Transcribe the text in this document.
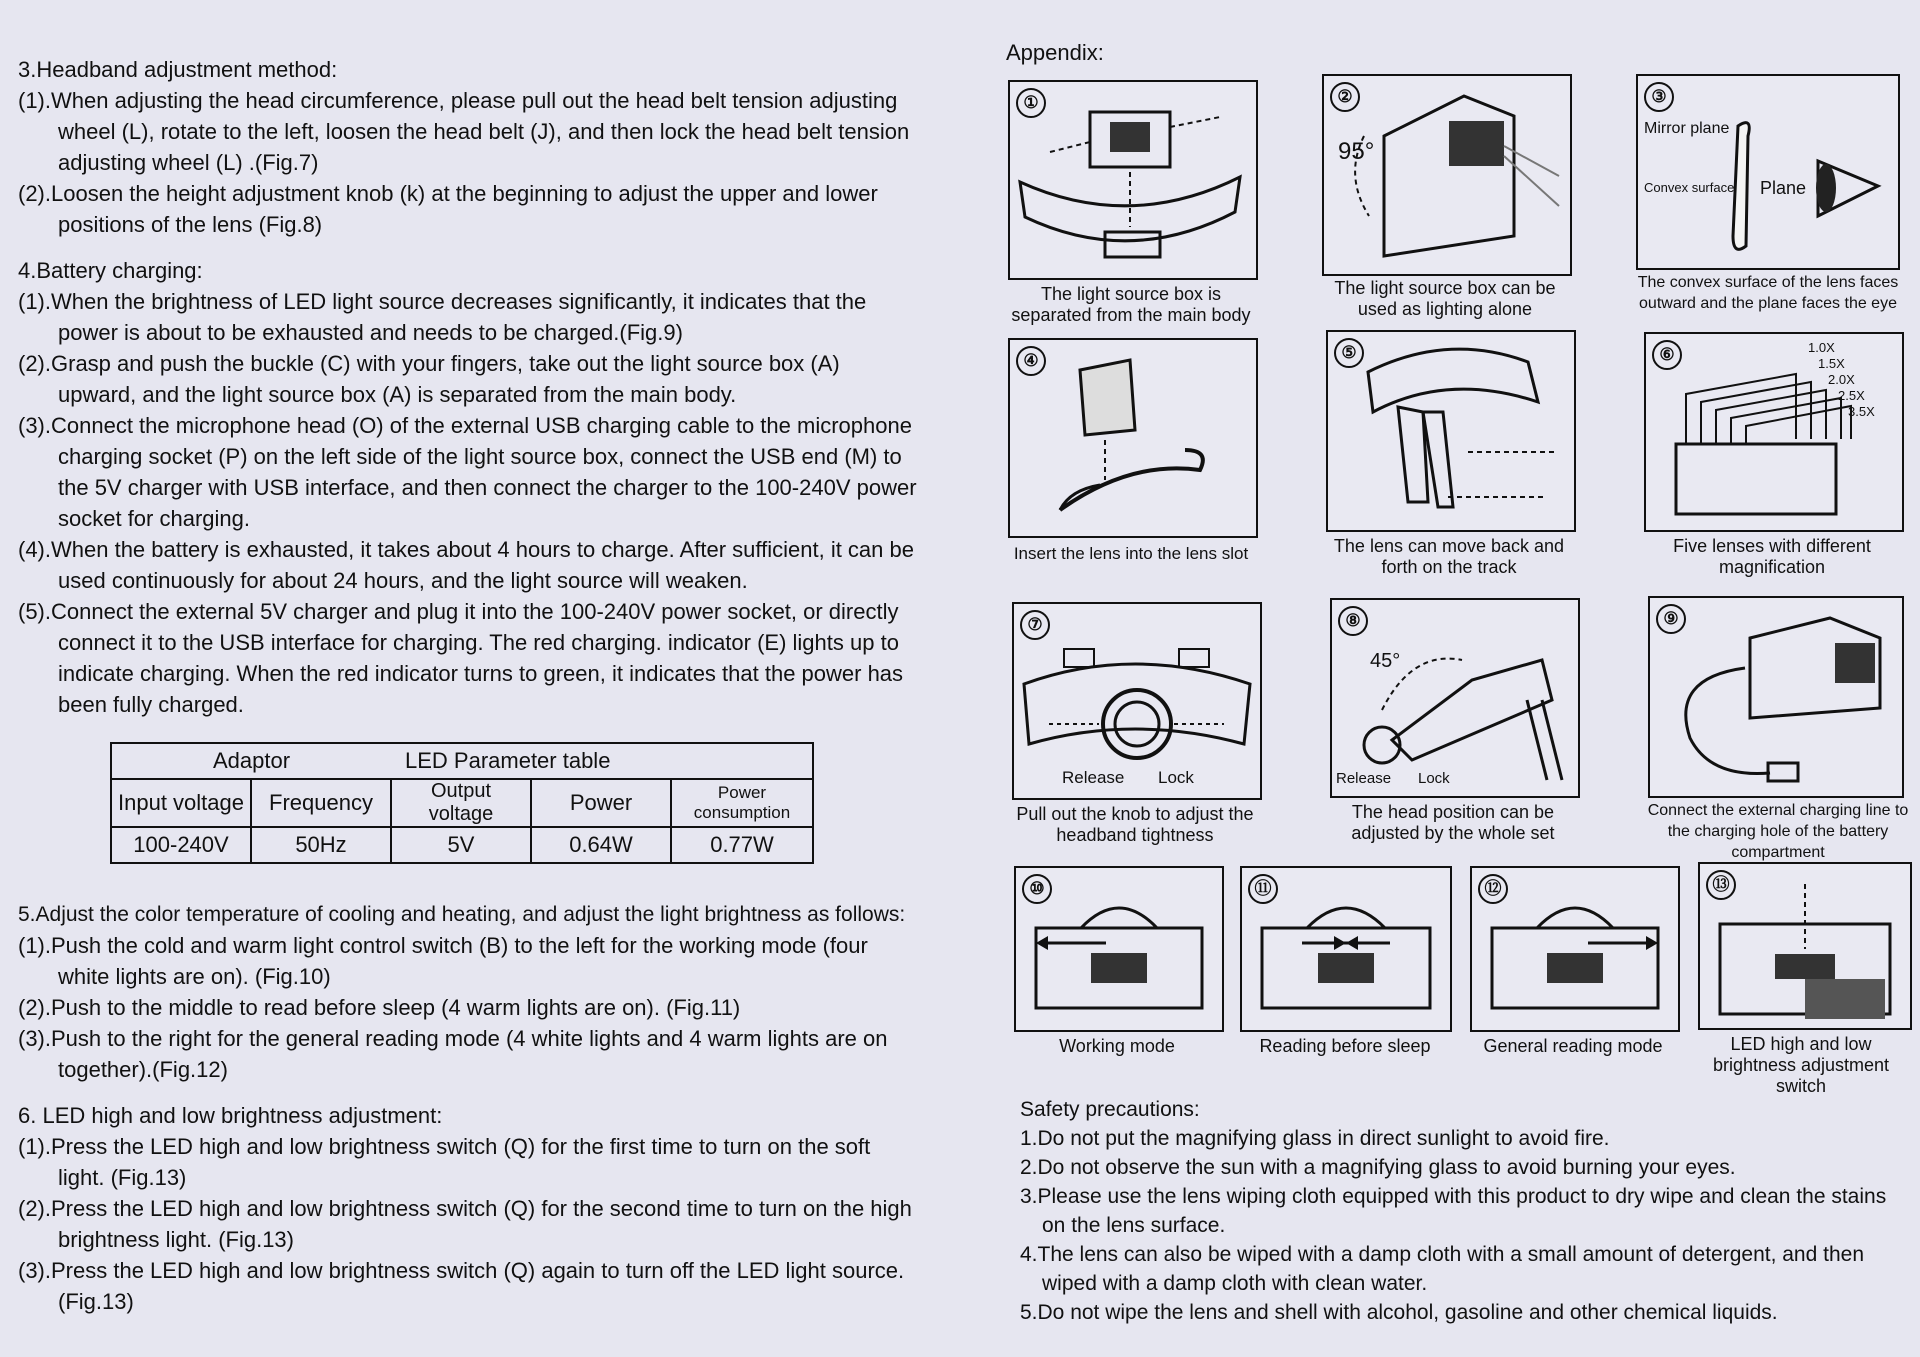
3.Headband adjustment method:

(1).When adjusting the head circumference, please pull out the head belt tension adjusting wheel (L), rotate to the left, loosen the head belt (J), and then lock the head belt tension adjusting wheel (L) .(Fig.7)

(2).Loosen the height adjustment knob (k) at the beginning to adjust the upper and lower positions of the lens (Fig.8)

4.Battery charging:

(1).When the brightness of LED light source decreases significantly, it indicates that the power is about to be exhausted and needs to be charged.(Fig.9)

(2).Grasp and push the buckle (C) with your fingers, take out the light source box (A) upward, and the light source box (A) is separated from the main body.

(3).Connect the microphone head (O) of the external USB charging cable to the microphone charging socket (P) on the left side of the light source box, connect the USB end (M) to the 5V charger with USB interface, and then connect the charger to the 100-240V power socket for charging.

(4).When the battery is exhausted, it takes about 4 hours to charge. After sufficient, it can be used continuously for about 24 hours, and the light source will weaken.

(5).Connect the external 5V charger and plug it into the 100-240V power socket, or directly connect it to the USB interface for charging. The red charging. indicator (E) lights up to indicate charging. When the red indicator turns to green, it indicates that the power has been fully charged.

Adaptor		LED Parameter table		
Input voltage	Frequency	Output voltage	Power	Power consumption
100-240V	50Hz	5V	0.64W	0.77W

5.Adjust the color temperature of cooling and heating, and adjust the light brightness as follows:

(1).Push the cold and warm light control switch (B) to the left for the working mode (four white lights are on). (Fig.10)

(2).Push to the middle to read before sleep (4 warm lights are on). (Fig.11)

(3).Push to the right for the general reading mode (4 white lights and 4 warm lights are on together).(Fig.12)

6. LED high and low brightness adjustment:

(1).Press the LED high and low brightness switch (Q) for the first time to turn on the soft light. (Fig.13)

(2).Press the LED high and low brightness switch (Q) for the second time to turn on the high brightness light. (Fig.13)

(3).Press the LED high and low brightness switch (Q) again to turn off the LED light source. (Fig.13)

Appendix:
①
The light source box is separated from the main body
②
95°
The light source box can be used as lighting alone
③
Mirror plane
Convex surface Plane
The convex surface of the lens faces outward and the plane faces the eye
④
Insert the lens into the lens slot
⑤
The lens can move back and forth on the track
⑥	1.0X
1.5X
2.0X
2.5X
3.5X
Five lenses with different magnification
⑦
Release Lock
Pull out the knob to adjust the headband tightness
⑧
45°
Release Lock
The head position can be adjusted by the whole set
⑨
Connect the external charging line to the charging hole of the battery compartment
⑩
Working mode
⑪
Reading before sleep
⑫
General reading mode
⑬
LED high and low brightness adjustment switch

Safety precautions:

1.Do not put the magnifying glass in direct sunlight to avoid fire.

2.Do not observe the sun with a magnifying glass to avoid burning your eyes.

3.Please use the lens wiping cloth equipped with this product to dry wipe and clean the stains on the lens surface.

4.The lens can also be wiped with a damp cloth with a small amount of detergent, and then wiped with a damp cloth with clean water.

5.Do not wipe the lens and shell with alcohol, gasoline and other chemical liquids.
